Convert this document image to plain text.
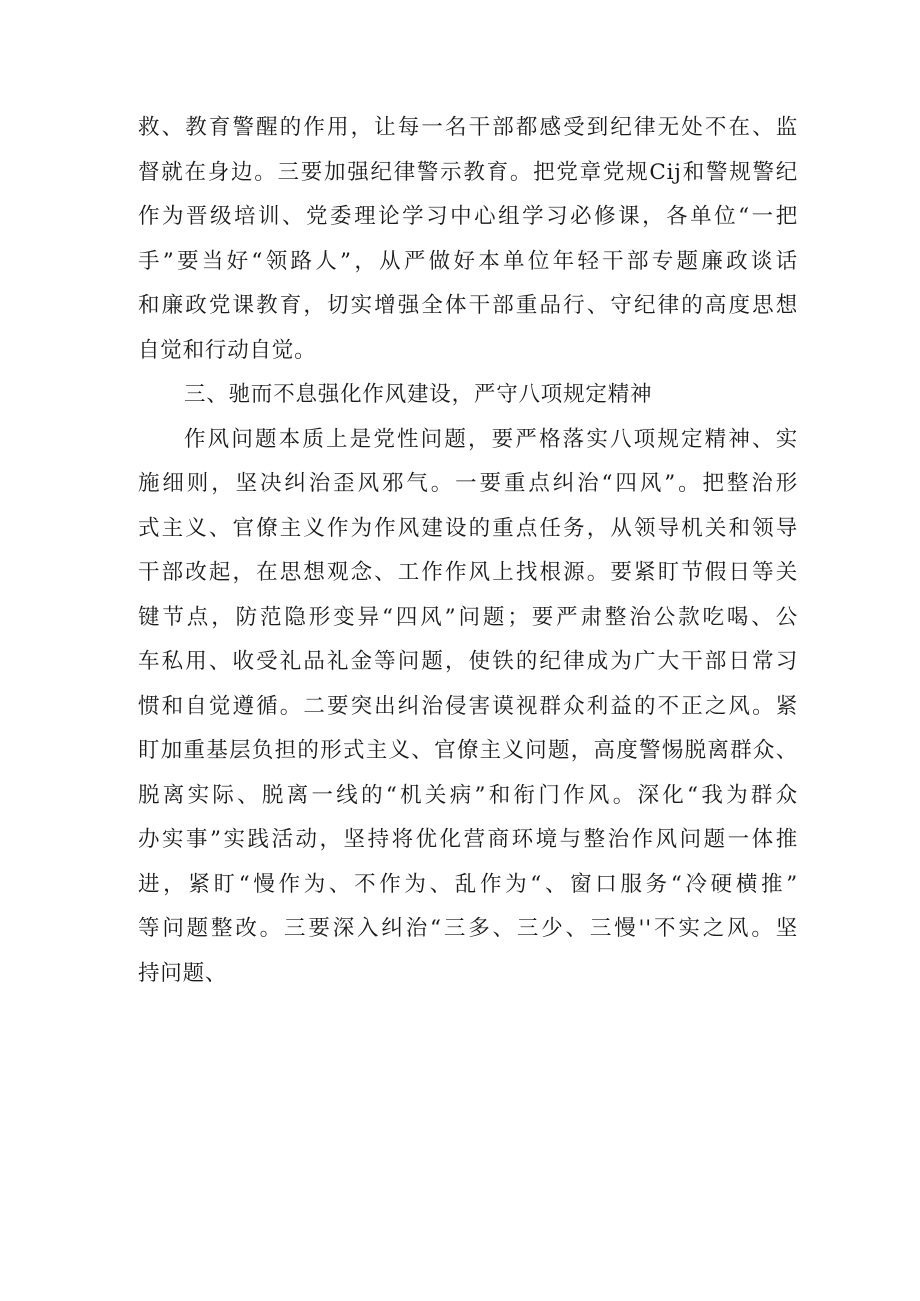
救、教育警醒的作用，让每一名干部都感受到纪律无处不在、监
督就在身边。三要加强纪律警示教育。把党章党规Cij和警规警纪
作为晋级培训、党委理论学习中心组学习必修课，各单位“一把
手”要当好“领路人”，从严做好本单位年轻干部专题廉政谈话
和廉政党课教育，切实增强全体干部重品行、守纪律的高度思想
自觉和行动自觉。
三、驰而不息强化作风建设，严守八项规定精神
作风问题本质上是党性问题，要严格落实八项规定精神、实
施细则，坚决纠治歪风邪气。一要重点纠治“四风”。把整治形
式主义、官僚主义作为作风建设的重点任务，从领导机关和领导
干部改起，在思想观念、工作作风上找根源。要紧盯节假日等关
键节点，防范隐形变异“四风”问题；要严肃整治公款吃喝、公
车私用、收受礼品礼金等问题，使铁的纪律成为广大干部日常习
惯和自觉遵循。二要突出纠治侵害谟视群众利益的不正之风。紧
盯加重基层负担的形式主义、官僚主义问题，高度警惕脱离群众、
脱离实际、脱离一线的“机关病”和衔门作风。深化“我为群众
办实事”实践活动，坚持将优化营商环境与整治作风问题一体推
进，紧盯“慢作为、不作为、乱作为“、窗口服务“冷硬横推”
等问题整改。三要深入纠治“三多、三少、三慢''不实之风。坚
持问题、
